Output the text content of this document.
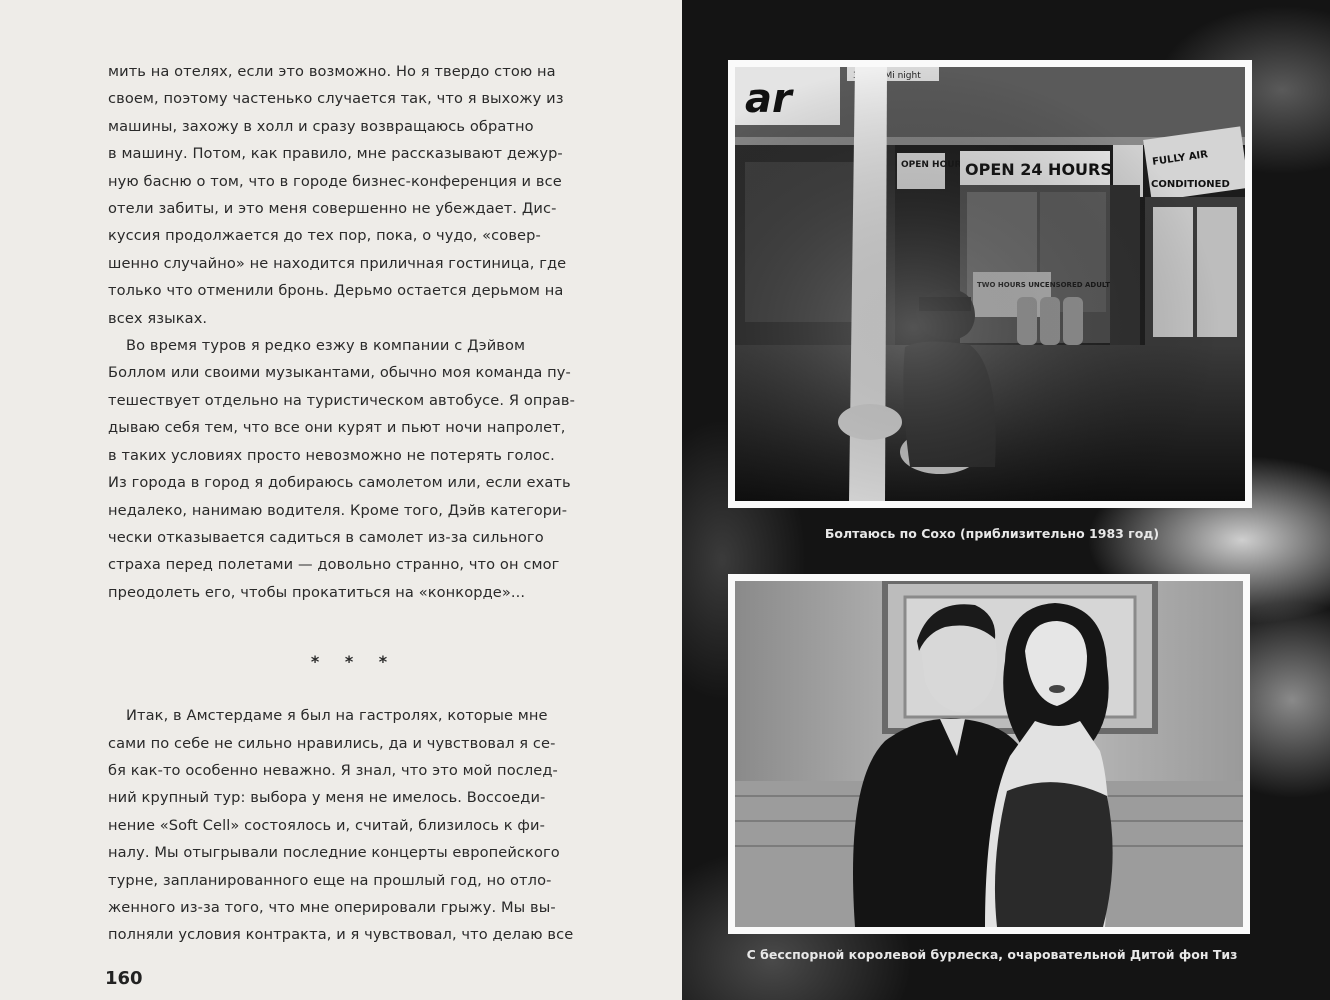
мить на отелях, если это возможно. Но я твердо стою на
своем, поэтому частенько случается так, что я выхожу из
машины, захожу в холл и сразу возвращаюсь обратно
в машину. Потом, как правило, мне рассказывают дежур-
ную басню о том, что в городе бизнес-конференция и все
отели забиты, и это меня совершенно не убеждает. Дис-
куссия продолжается до тех пор, пока, о чудо, «совер-
шенно случайно» не находится приличная гостиница, где
только что отменили бронь. Дерьмо остается дерьмом на
всех языках.

Во время туров я редко езжу в компании с Дэйвом
Боллом или своими музыкантами, обычно моя команда пу-
тешествует отдельно на туристическом автобусе. Я оправ-
дываю себя тем, что все они курят и пьют ночи напролет,
в таких условиях просто невозможно не потерять голос.
Из города в город я добираюсь самолетом или, если ехать
недалеко, нанимаю водителя. Кроме того, Дэйв категори-
чески отказывается садиться в самолет из-за сильного
страха перед полетами — довольно странно, что он смог
преодолеть его, чтобы прокатиться на «конкорде»...

* * *

Итак, в Амстердаме я был на гастролях, которые мне
сами по себе не сильно нравились, да и чувствовал я се-
бя как-то особенно неважно. Я знал, что это мой послед-
ний крупный тур: выбора у меня не имелось. Воссоеди-
нение «Soft Cell» состоялось и, считай, близилось к фи-
налу. Мы отыгрывали последние концерты европейского
турне, запланированного еще на прошлый год, но отло-
женного из-за того, что мне оперировали грыжу. Мы вы-
полняли условия контракта, и я чувствовал, что делаю все

160
Болтаюсь по Сохо (приблизительно 1983 год)
С бесспорной королевой бурлеска, очаровательной Дитой фон Тиз
